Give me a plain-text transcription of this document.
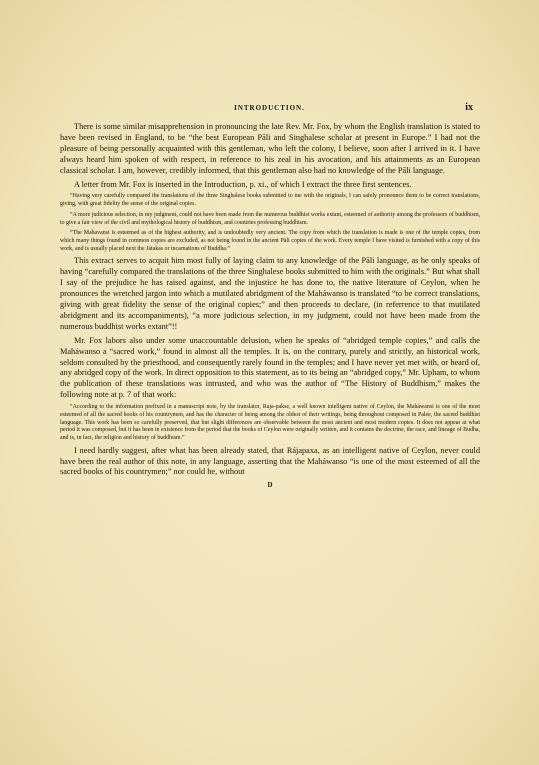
INTRODUCTION.	ix

There is some similar misapprehension in pronouncing the late Rev. Mr. Fox, by whom the English translation is stated to have been revised in England, to be “the best European Pāli and Singhalese scholar at present in Europe.” I had not the pleasure of being personally acquainted with this gentleman, who left the colony, I believe, soon after I arrived in it. I have always heard him spoken of with respect, in reference to his zeal in his avocation, and his attainments as an European classical scholar. I am, however, credibly informed, that this gentleman also had no knowledge of the Pāli language.

A letter from Mr. Fox is inserted in the Introduction, p. xi., of which I extract the three first sentences.

“Having very carefully compared the translations of the three Singhalese books submitted to me with the originals, I can safely pronounce them to be correct translations, giving, with great fidelity the sense of the original copies.

“A more judicious selection, in my judgment, could not have been made from the numerous buddhist works extant, esteemed of authority among the professors of buddhism, to give a fair view of the civil and mythological history of buddhism, and countries professing buddhism.

“The Mahavansi is esteemed as of the highest authority, and is undoubtedly very ancient. The copy from which the translation is made is one of the temple copies, from which many things found in common copies are excluded, as not being found in the ancient Pāli copies of the work. Every temple I have visited is furnished with a copy of this work, and is usually placed next the Jātakas or incarnations of Buddha.”

This extract serves to acquit him most fully of laying claim to any knowledge of the Pāli language, as he only speaks of having “carefully compared the translations of the three Singhalese books submitted to him with the originals.” But what shall I say of the prejudice he has raised against, and the injustice he has done to, the native literature of Ceylon, when he pronounces the wretched jargon into which a mutilated abridgment of the Maháwanso is translated “to be correct translations, giving with great fidelity the sense of the original copies;” and then proceeds to declare, (in referrence to that mutilated abridgment and its accompaniments), “a more judicious selection, in my judgment, could not have been made from the numerous buddhist works extant”!!

Mr. Fox labors also under some unaccountable delusion, when he speaks of “abridged temple copies,” and calls the Maháwanso a “sacred work,” found in almost all the temples. It is, on the contrary, purely and strictly, an historical work, seldom consulted by the priesthood, and consequently rarely found in the temples; and I have never yet met with, or heard of, any abridged copy of the work. In direct opposition to this statement, as to its being an “abridged copy,” Mr. Upham, to whom the publication of these translations was intrusted, and who was the author of “The History of Buddhism,” makes the following note at p. 7 of that work:

“According to the information prefixed in a manuscript note, by the translator, Raja-pakse, a well known intelligent native of Ceylon, the Maháwansi is one of the most esteemed of all the sacred books of his countrymen, and has the character of being among the oldest of their writings, being throughout composed in Palee, the sacred buddhist language. This work has been so carefully preserved, that but slight differences are observable between the most ancient and most modern copies. It does not appear at what period it was composed, but it has been in existence from the period that the books of Ceylon were originally written, and it contains the doctrine, the race, and lineage of Budha, and is, in fact, the religion and history of buddhism.”

I need hardly suggest, after what has been already stated, that Rájapaxa, as an intelligent native of Ceylon, never could have been the real author of this note, in any language, asserting that the Maháwanso “is one of the most esteemed of all the sacred books of his countrymen;” nor could he, without

D
